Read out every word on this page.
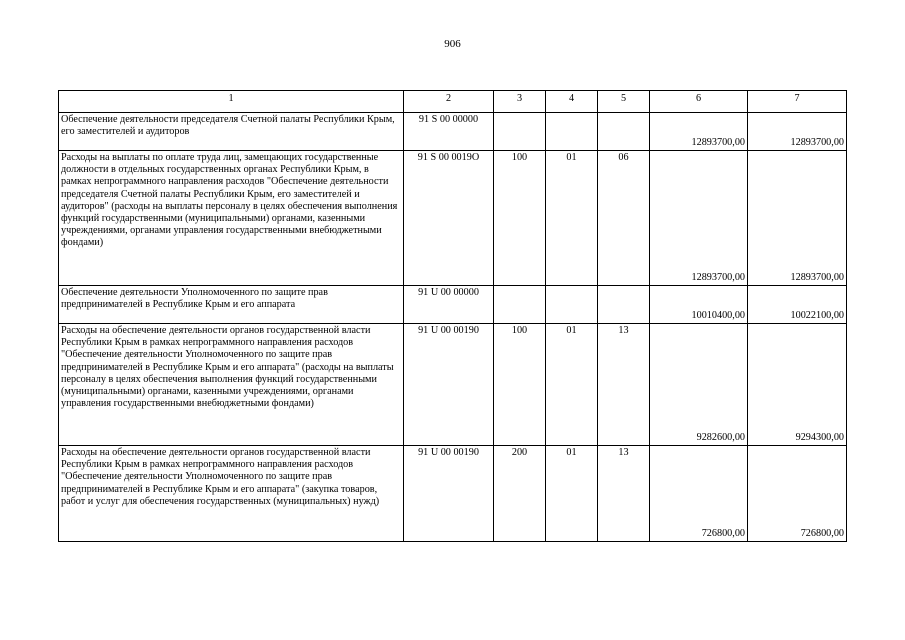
906
1	2	3	4	5	6	7
Обеспечение деятельности председателя Счетной палаты Республики Крым, его заместителей и аудиторов	91 S 00 00000				12893700,00	12893700,00
Расходы на выплаты по оплате труда лиц, замещающих государственные должности в отдельных государственных органах Республики Крым, в рамках непрограммного направления расходов "Обеспечение деятельности председателя Счетной палаты Республики Крым, его заместителей и аудиторов" (расходы на выплаты персоналу в целях обеспечения выполнения функций государственными (муниципальными) органами, казенными учреждениями, органами управления государственными внебюджетными фондами)	91 S 00 0019O	100	01	06	12893700,00	12893700,00
Обеспечение деятельности Уполномоченного по защите прав предпринимателей в Республике Крым и его аппарата	91 U 00 00000				10010400,00	10022100,00
Расходы на обеспечение деятельности органов государственной власти Республики Крым в рамках непрограммного направления расходов "Обеспечение деятельности Уполномоченного по защите прав предпринимателей в Республике Крым и его аппарата" (расходы на выплаты персоналу в целях обеспечения выполнения функций государственными (муниципальными) органами, казенными учреждениями, органами управления государственными внебюджетными фондами)	91 U 00 00190	100	01	13	9282600,00	9294300,00
Расходы на обеспечение деятельности органов государственной власти Республики Крым в рамках непрограммного направления расходов "Обеспечение деятельности Уполномоченного по защите прав предпринимателей в Республике Крым и его аппарата" (закупка товаров, работ и услуг для обеспечения государственных (муниципальных) нужд)	91 U 00 00190	200	01	13	726800,00	726800,00
